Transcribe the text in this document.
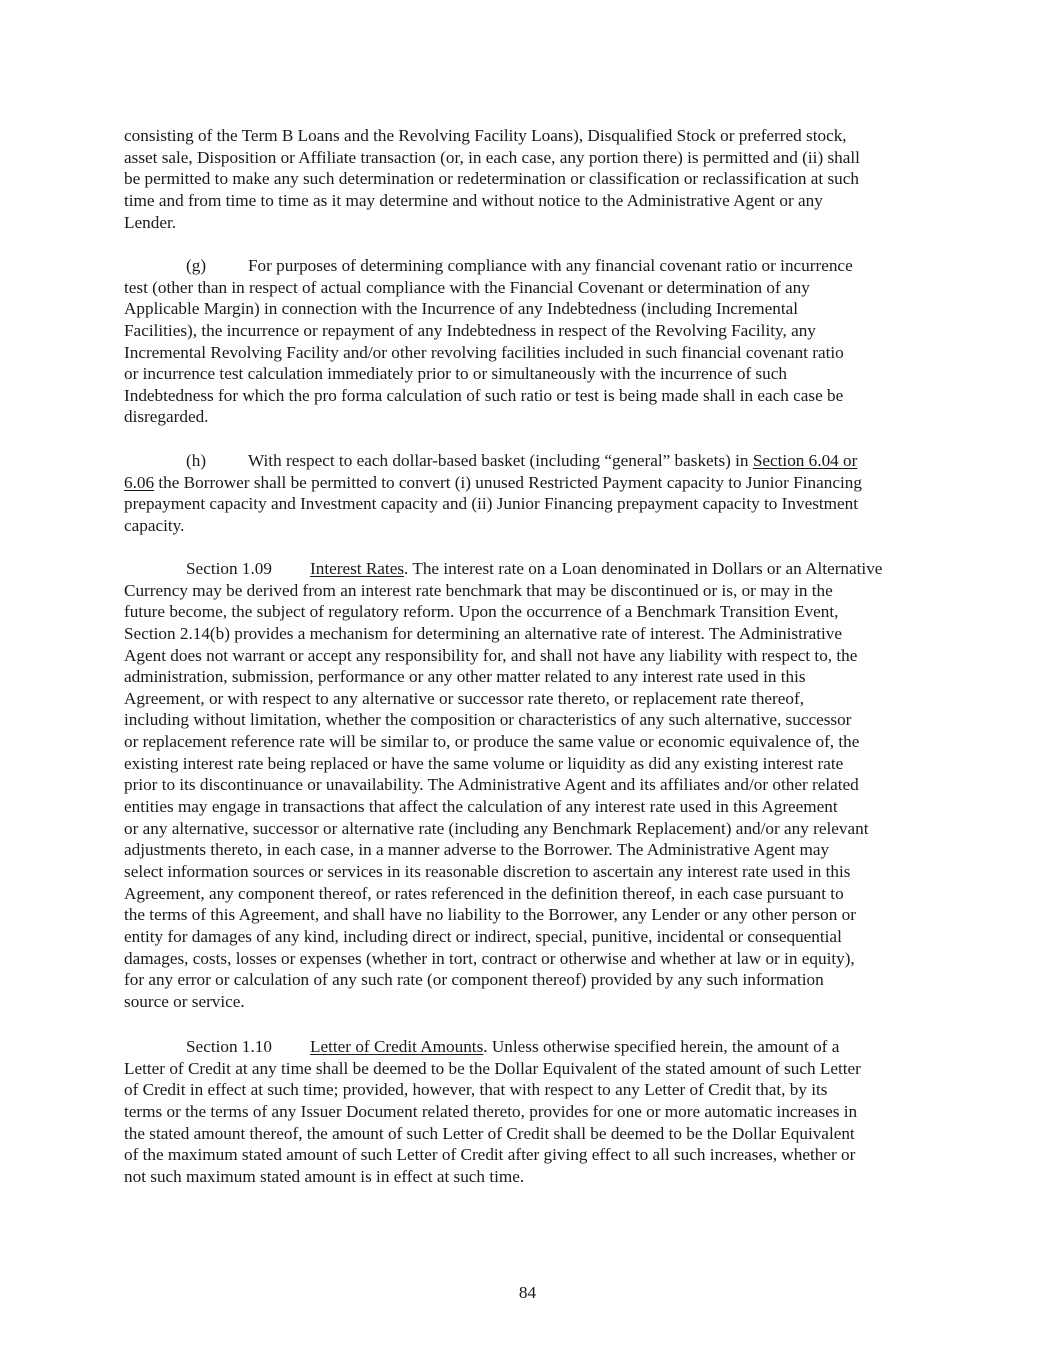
consisting of the Term B Loans and the Revolving Facility Loans), Disqualified Stock or preferred stock,
asset sale, Disposition or Affiliate transaction (or, in each case, any portion there) is permitted and (ii) shall
be permitted to make any such determination or redetermination or classification or reclassification at such
time and from time to time as it may determine and without notice to the Administrative Agent or any
Lender.
(g) For purposes of determining compliance with any financial covenant ratio or incurrence
test (other than in respect of actual compliance with the Financial Covenant or determination of any
Applicable Margin) in connection with the Incurrence of any Indebtedness (including Incremental
Facilities), the incurrence or repayment of any Indebtedness in respect of the Revolving Facility, any
Incremental Revolving Facility and/or other revolving facilities included in such financial covenant ratio
or incurrence test calculation immediately prior to or simultaneously with the incurrence of such
Indebtedness for which the pro forma calculation of such ratio or test is being made shall in each case be
disregarded.
(h) With respect to each dollar-based basket (including “general” baskets) in Section 6.04 or
6.06 the Borrower shall be permitted to convert (i) unused Restricted Payment capacity to Junior Financing
prepayment capacity and Investment capacity and (ii) Junior Financing prepayment capacity to Investment
capacity.
Section 1.09 Interest Rates. The interest rate on a Loan denominated in Dollars or an Alternative
Currency may be derived from an interest rate benchmark that may be discontinued or is, or may in the
future become, the subject of regulatory reform. Upon the occurrence of a Benchmark Transition Event,
Section 2.14(b) provides a mechanism for determining an alternative rate of interest. The Administrative
Agent does not warrant or accept any responsibility for, and shall not have any liability with respect to, the
administration, submission, performance or any other matter related to any interest rate used in this
Agreement, or with respect to any alternative or successor rate thereto, or replacement rate thereof,
including without limitation, whether the composition or characteristics of any such alternative, successor
or replacement reference rate will be similar to, or produce the same value or economic equivalence of, the
existing interest rate being replaced or have the same volume or liquidity as did any existing interest rate
prior to its discontinuance or unavailability. The Administrative Agent and its affiliates and/or other related
entities may engage in transactions that affect the calculation of any interest rate used in this Agreement
or any alternative, successor or alternative rate (including any Benchmark Replacement) and/or any relevant
adjustments thereto, in each case, in a manner adverse to the Borrower. The Administrative Agent may
select information sources or services in its reasonable discretion to ascertain any interest rate used in this
Agreement, any component thereof, or rates referenced in the definition thereof, in each case pursuant to
the terms of this Agreement, and shall have no liability to the Borrower, any Lender or any other person or
entity for damages of any kind, including direct or indirect, special, punitive, incidental or consequential
damages, costs, losses or expenses (whether in tort, contract or otherwise and whether at law or in equity),
for any error or calculation of any such rate (or component thereof) provided by any such information
source or service.
Section 1.10 Letter of Credit Amounts. Unless otherwise specified herein, the amount of a
Letter of Credit at any time shall be deemed to be the Dollar Equivalent of the stated amount of such Letter
of Credit in effect at such time; provided, however, that with respect to any Letter of Credit that, by its
terms or the terms of any Issuer Document related thereto, provides for one or more automatic increases in
the stated amount thereof, the amount of such Letter of Credit shall be deemed to be the Dollar Equivalent
of the maximum stated amount of such Letter of Credit after giving effect to all such increases, whether or
not such maximum stated amount is in effect at such time.
84
